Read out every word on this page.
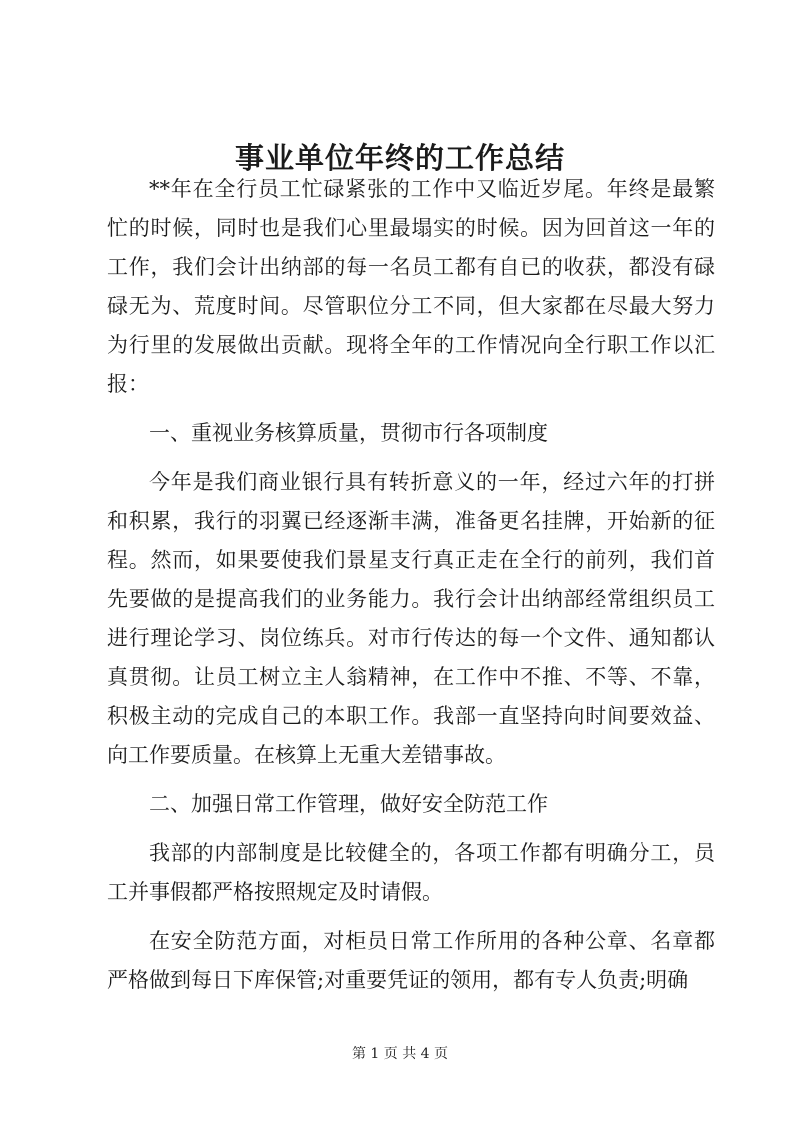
事业单位年终的工作总结

**年在全行员工忙碌紧张的工作中又临近岁尾。年终是最繁忙的时候，同时也是我们心里最塌实的时候。因为回首这一年的工作，我们会计出纳部的每一名员工都有自已的收获，都没有碌碌无为、荒度时间。尽管职位分工不同，但大家都在尽最大努力为行里的发展做出贡献。现将全年的工作情况向全行职工作以汇报：

一、重视业务核算质量，贯彻市行各项制度

今年是我们商业银行具有转折意义的一年，经过六年的打拼和积累，我行的羽翼已经逐渐丰满，准备更名挂牌，开始新的征程。然而，如果要使我们景星支行真正走在全行的前列，我们首先要做的是提高我们的业务能力。我行会计出纳部经常组织员工进行理论学习、岗位练兵。对市行传达的每一个文件、通知都认真贯彻。让员工树立主人翁精神，在工作中不推、不等、不靠，积极主动的完成自己的本职工作。我部一直坚持向时间要效益、向工作要质量。在核算上无重大差错事故。

二、加强日常工作管理，做好安全防范工作

我部的内部制度是比较健全的，各项工作都有明确分工，员工并事假都严格按照规定及时请假。

在安全防范方面，对柜员日常工作所用的各种公章、名章都严格做到每日下库保管;对重要凭证的领用，都有专人负责;明确

第 1 页 共 4 页
